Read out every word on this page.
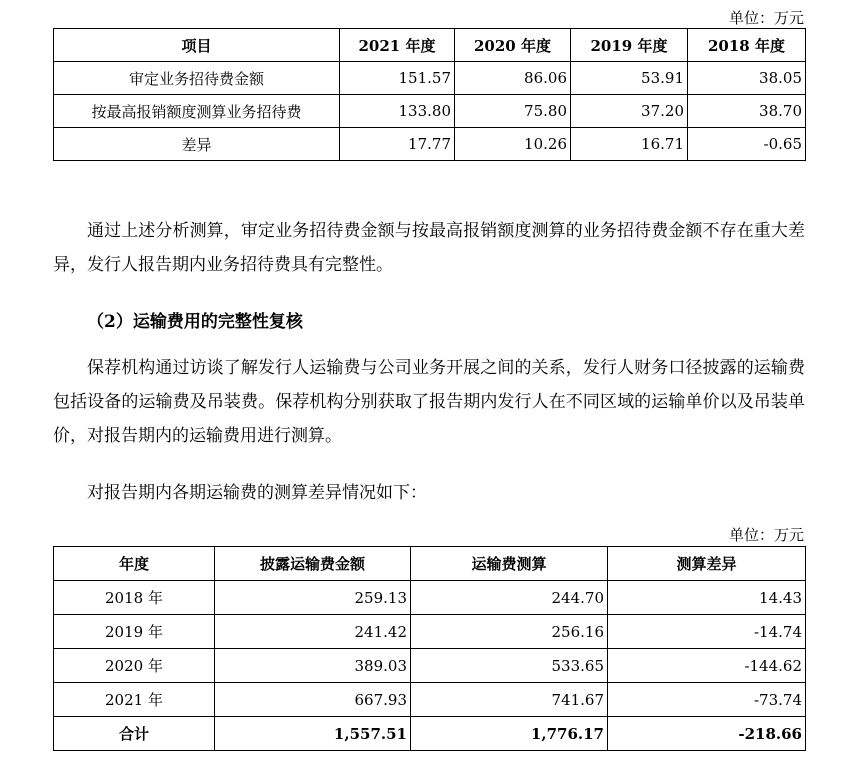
单位：万元
项目	2021 年度	2020 年度	2019 年度	2018 年度
审定业务招待费金额	151.57	86.06	53.91	38.05
按最高报销额度测算业务招待费	133.80	75.80	37.20	38.70
差异	17.77	10.26	16.71	-0.65

通过上述分析测算，审定业务招待费金额与按最高报销额度测算的业务招待费金额不存在重大差异，发行人报告期内业务招待费具有完整性。

（2）运输费用的完整性复核

保荐机构通过访谈了解发行人运输费与公司业务开展之间的关系，发行人财务口径披露的运输费包括设备的运输费及吊装费。保荐机构分别获取了报告期内发行人在不同区域的运输单价以及吊装单价，对报告期内的运输费用进行测算。

对报告期内各期运输费的测算差异情况如下：

单位：万元
年度	披露运输费金额	运输费测算	测算差异
2018 年	259.13	244.70	14.43
2019 年	241.42	256.16	-14.74
2020 年	389.03	533.65	-144.62
2021 年	667.93	741.67	-73.74
合计	1,557.51	1,776.17	-218.66
